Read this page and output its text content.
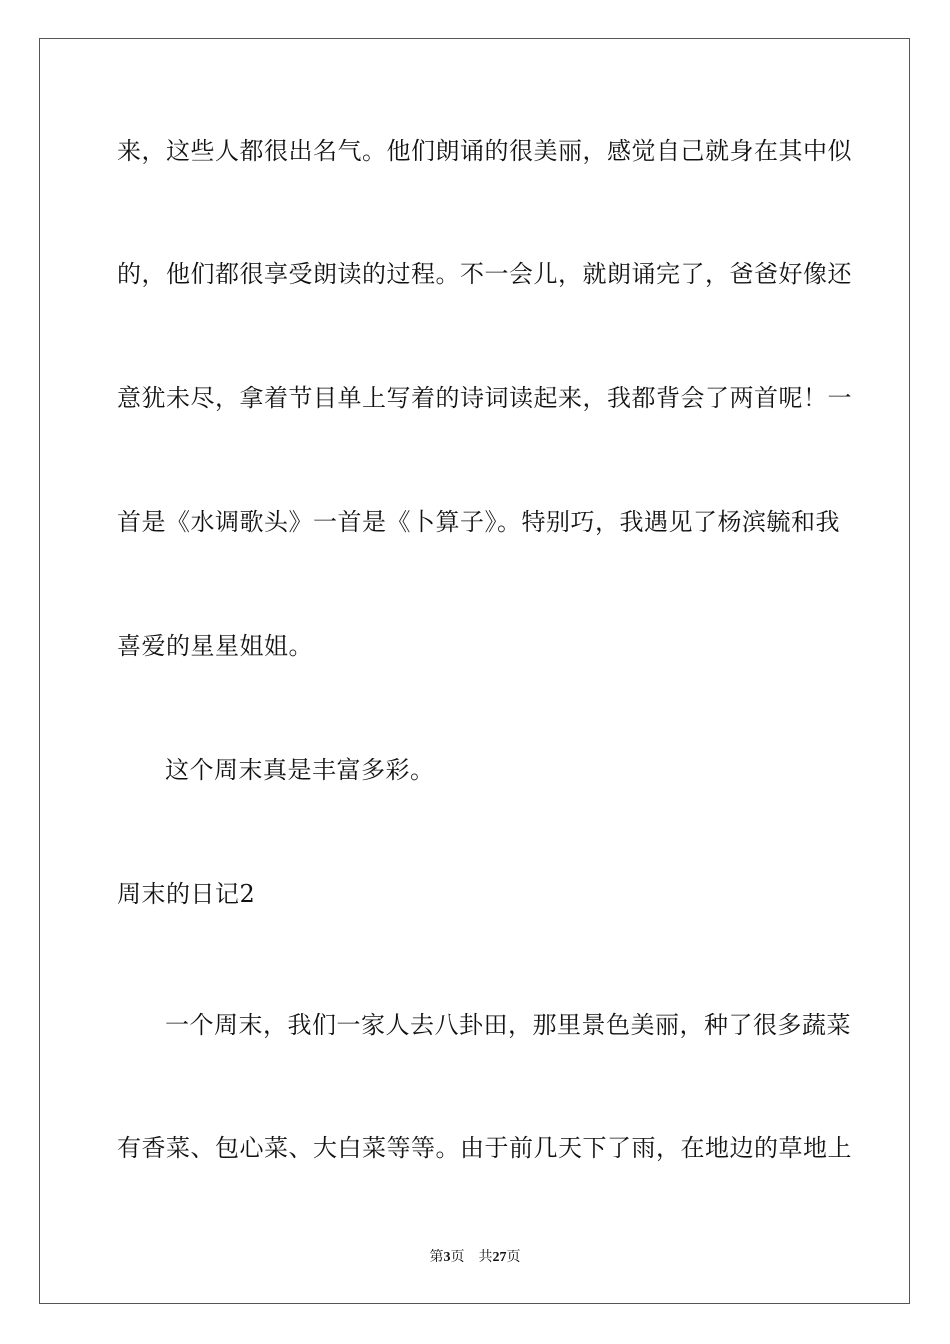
来，这些人都很出名气。他们朗诵的很美丽，感觉自己就身在其中似
的，他们都很享受朗读的过程。不一会儿，就朗诵完了，爸爸好像还
意犹未尽，拿着节目单上写着的诗词读起来，我都背会了两首呢！一
首是《水调歌头》一首是《卜算子》。特别巧，我遇见了杨滨毓和我
喜爱的星星姐姐。
这个周末真是丰富多彩。
周末的日记2
一个周末，我们一家人去八卦田，那里景色美丽，种了很多蔬菜
有香菜、包心菜、大白菜等等。由于前几天下了雨，在地边的草地上
第3页 共27页
